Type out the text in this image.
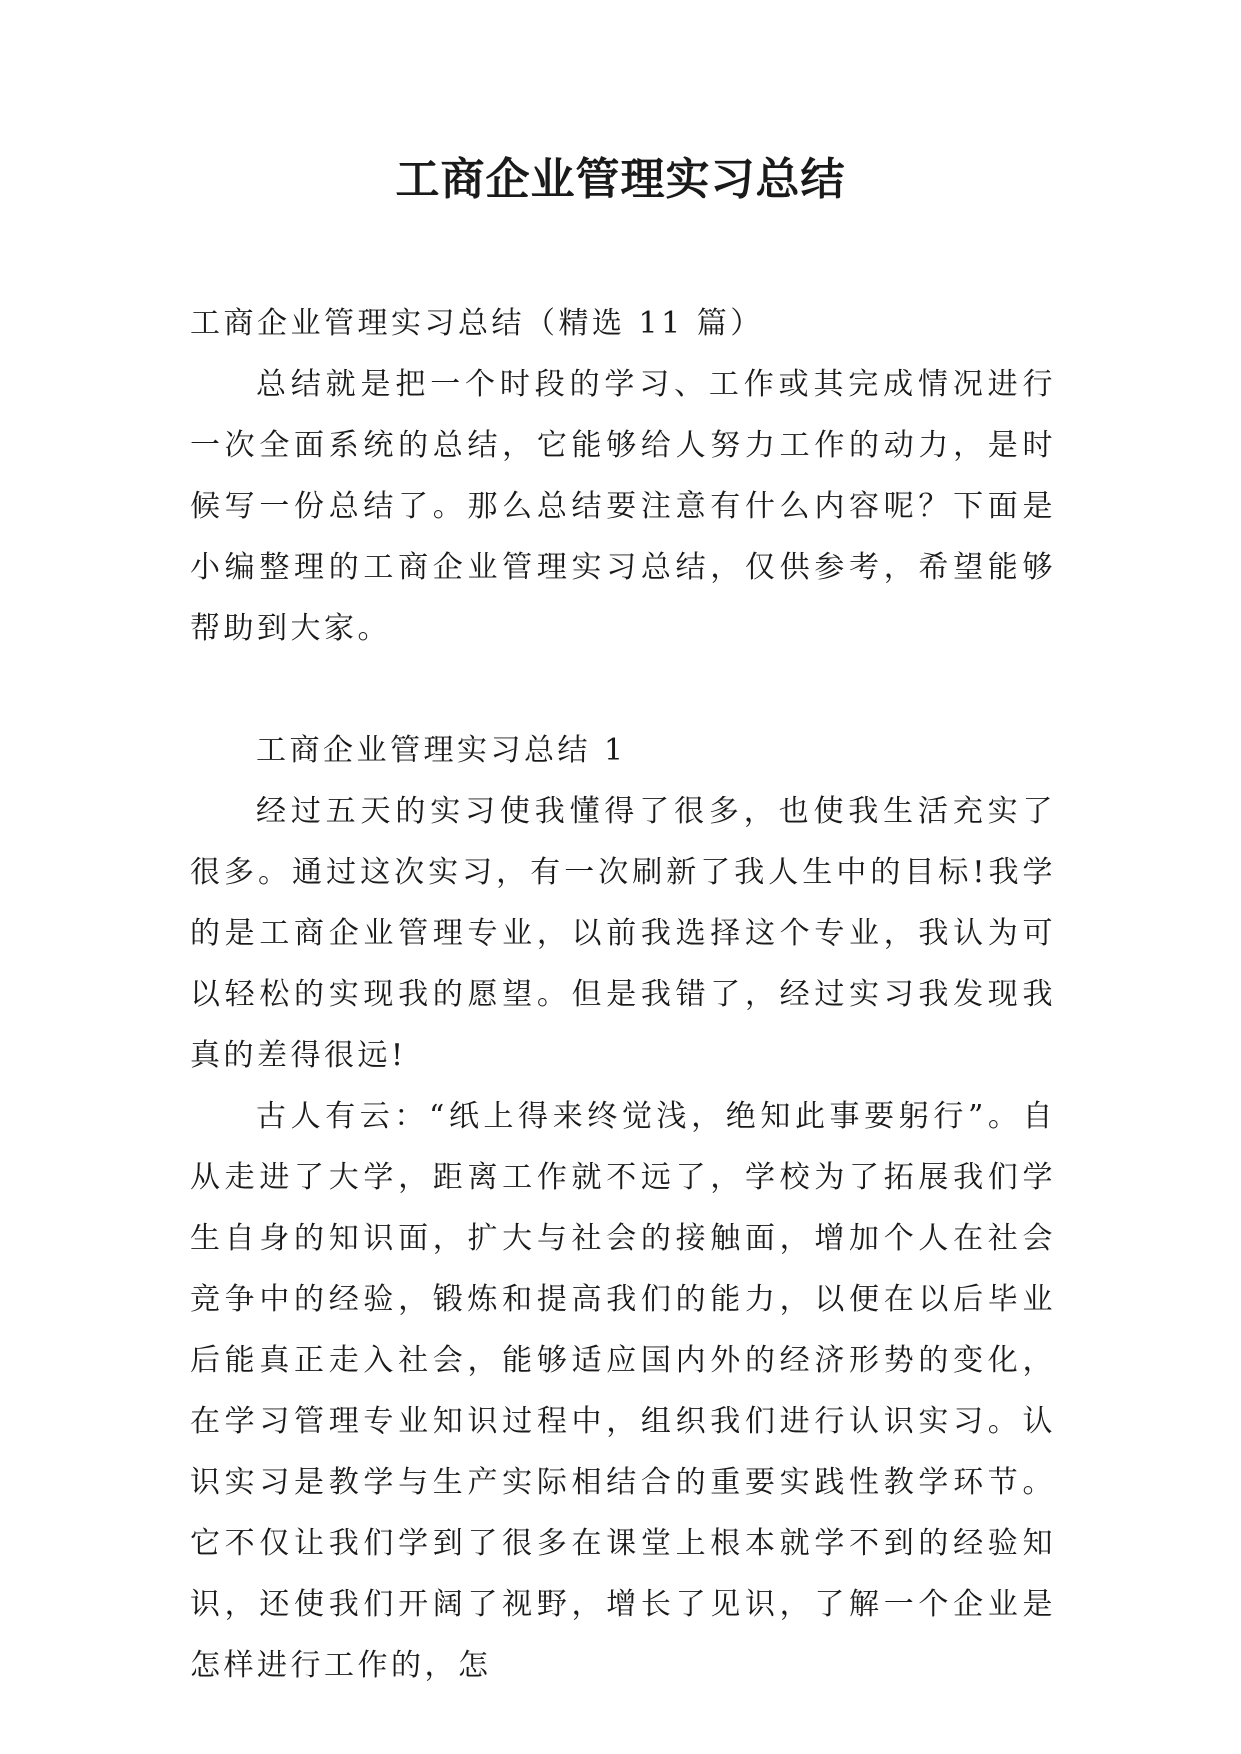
工商企业管理实习总结

工商企业管理实习总结（精选 11 篇）

总结就是把一个时段的学习、工作或其完成情况进行一次全面系统的总结，它能够给人努力工作的动力，是时候写一份总结了。那么总结要注意有什么内容呢？下面是小编整理的工商企业管理实习总结，仅供参考，希望能够帮助到大家。

工商企业管理实习总结 1

经过五天的实习使我懂得了很多，也使我生活充实了很多。通过这次实习，有一次刷新了我人生中的目标!我学的是工商企业管理专业，以前我选择这个专业，我认为可以轻松的实现我的愿望。但是我错了，经过实习我发现我真的差得很远!

古人有云：“纸上得来终觉浅，绝知此事要躬行”。自从走进了大学，距离工作就不远了，学校为了拓展我们学生自身的知识面，扩大与社会的接触面，增加个人在社会竞争中的经验，锻炼和提高我们的能力，以便在以后毕业后能真正走入社会，能够适应国内外的经济形势的变化，在学习管理专业知识过程中，组织我们进行认识实习。认识实习是教学与生产实际相结合的重要实践性教学环节。它不仅让我们学到了很多在课堂上根本就学不到的经验知识，还使我们开阔了视野，增长了见识，了解一个企业是怎样进行工作的，怎
